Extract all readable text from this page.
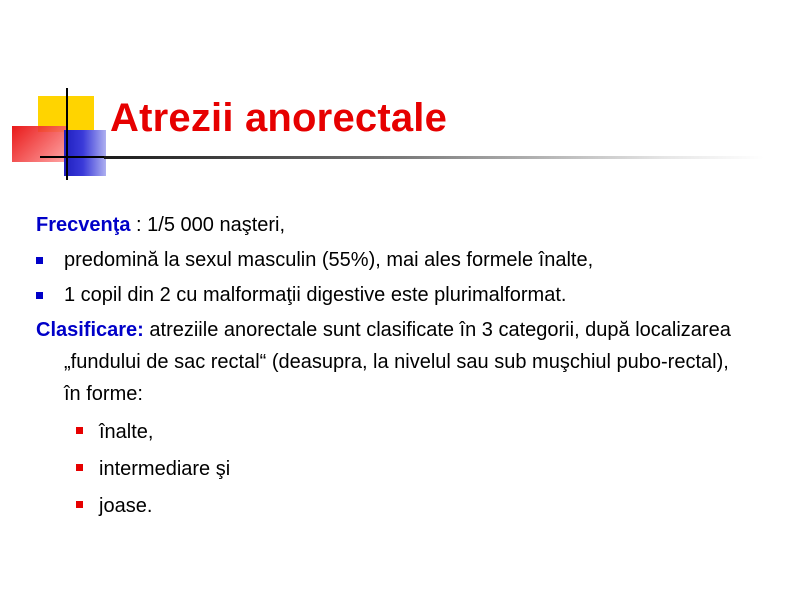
Atrezii anorectale
Frecvenţa : 1/5 000 naşteri,
predomină la sexul masculin (55%), mai ales formele înalte,
1 copil din 2 cu malformaţii digestive este plurimalformat.
Clasificare: atreziile anorectale sunt clasificate în 3 categorii, după localizarea „fundului de sac rectal“ (deasupra, la nivelul sau sub muşchiul pubo-rectal), în forme:
înalte,
intermediare şi
joase.
